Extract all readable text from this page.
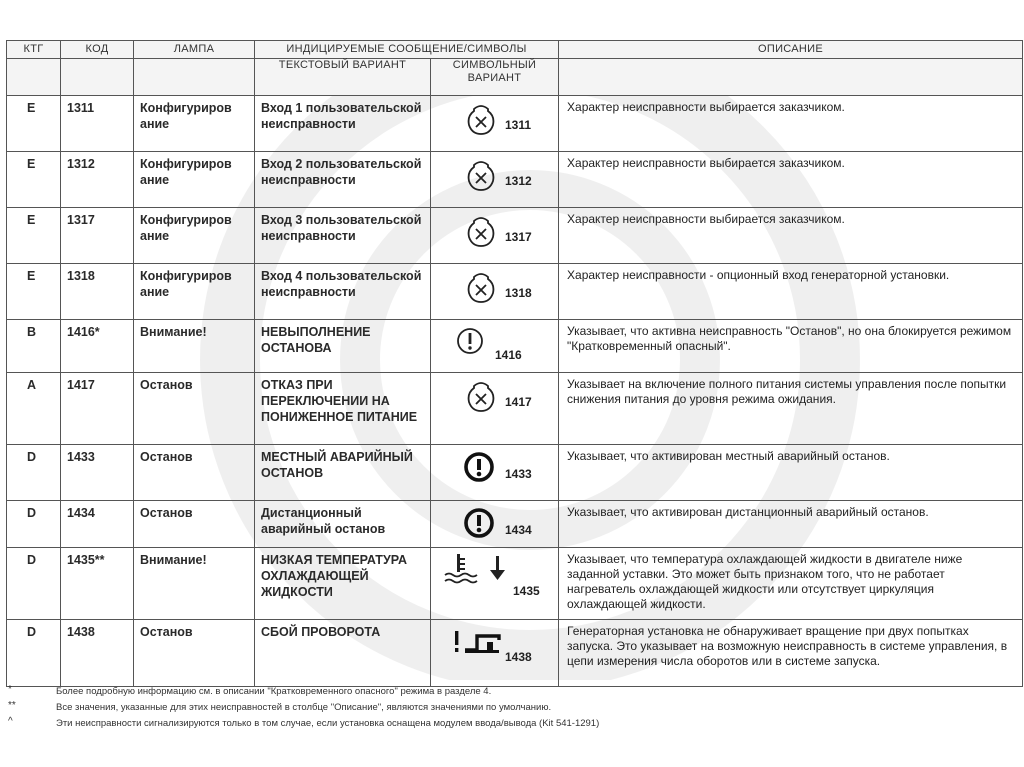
КТГ	КОД	ЛАМПА	ИНДИЦИРУЕМЫЕ СООБЩЕНИЕ/СИМВОЛЫ		ОПИСАНИЕ
			ТЕКСТОВЫЙ ВАРИАНТ	СИМВОЛЬНЫЙ
ВАРИАНТ	

E	1311	Конфигуриров ание	Вход 1 пользовательской неисправности	1311	Характер неисправности выбирается заказчиком.

E	1312	Конфигуриров ание	Вход 2 пользовательской неисправности	1312	Характер неисправности выбирается заказчиком.

E	1317	Конфигуриров ание	Вход 3 пользовательской неисправности	1317	Характер неисправности выбирается заказчиком.

E	1318	Конфигуриров ание	Вход 4 пользовательской неисправности	1318	Характер неисправности - опционный вход генераторной установки.

B	1416*	Внимание!	НЕВЫПОЛНЕНИЕ ОСТАНОВА	1416	Указывает, что активна неисправность "Останов", но она блокируется режимом "Кратковременный опасный".

A	1417	Останов	ОТКАЗ ПРИ ПЕРЕКЛЮЧЕНИИ НА ПОНИЖЕННОЕ ПИТАНИЕ	1417	Указывает на включение полного питания системы управления после попытки снижения питания до уровня режима ожидания.

D	1433	Останов	МЕСТНЫЙ АВАРИЙНЫЙ ОСТАНОВ	1433	Указывает, что активирован местный аварийный останов.

D	1434	Останов	Дистанционный аварийный останов	1434	Указывает, что активирован дистанционный аварийный останов.

D	1435**	Внимание!	НИЗКАЯ ТЕМПЕРАТУРА ОХЛАЖДАЮЩЕЙ ЖИДКОСТИ	1435	Указывает, что температура охлаждающей жидкости в двигателе ниже заданной уставки. Это может быть признаком того, что не работает нагреватель охлаждающей жидкости или отсутствует циркуляция охлаждающей жидкости.

D	1438	Останов	СБОЙ ПРОВОРОТА	1438	Генераторная установка не обнаруживает вращение при двух попытках запуска. Это указывает на возможную неисправность в системе управления, в цепи измерения числа оборотов или в системе запуска.
*	Более подробную информацию см. в описании "Кратковременного опасного" режима в разделе 4.
**	Все значения, указанные для этих неисправностей в столбце "Описание", являются значениями по умолчанию.
^	Эти неисправности сигнализируются только в том случае, если установка оснащена модулем ввода/вывода (Kit 541-1291)
